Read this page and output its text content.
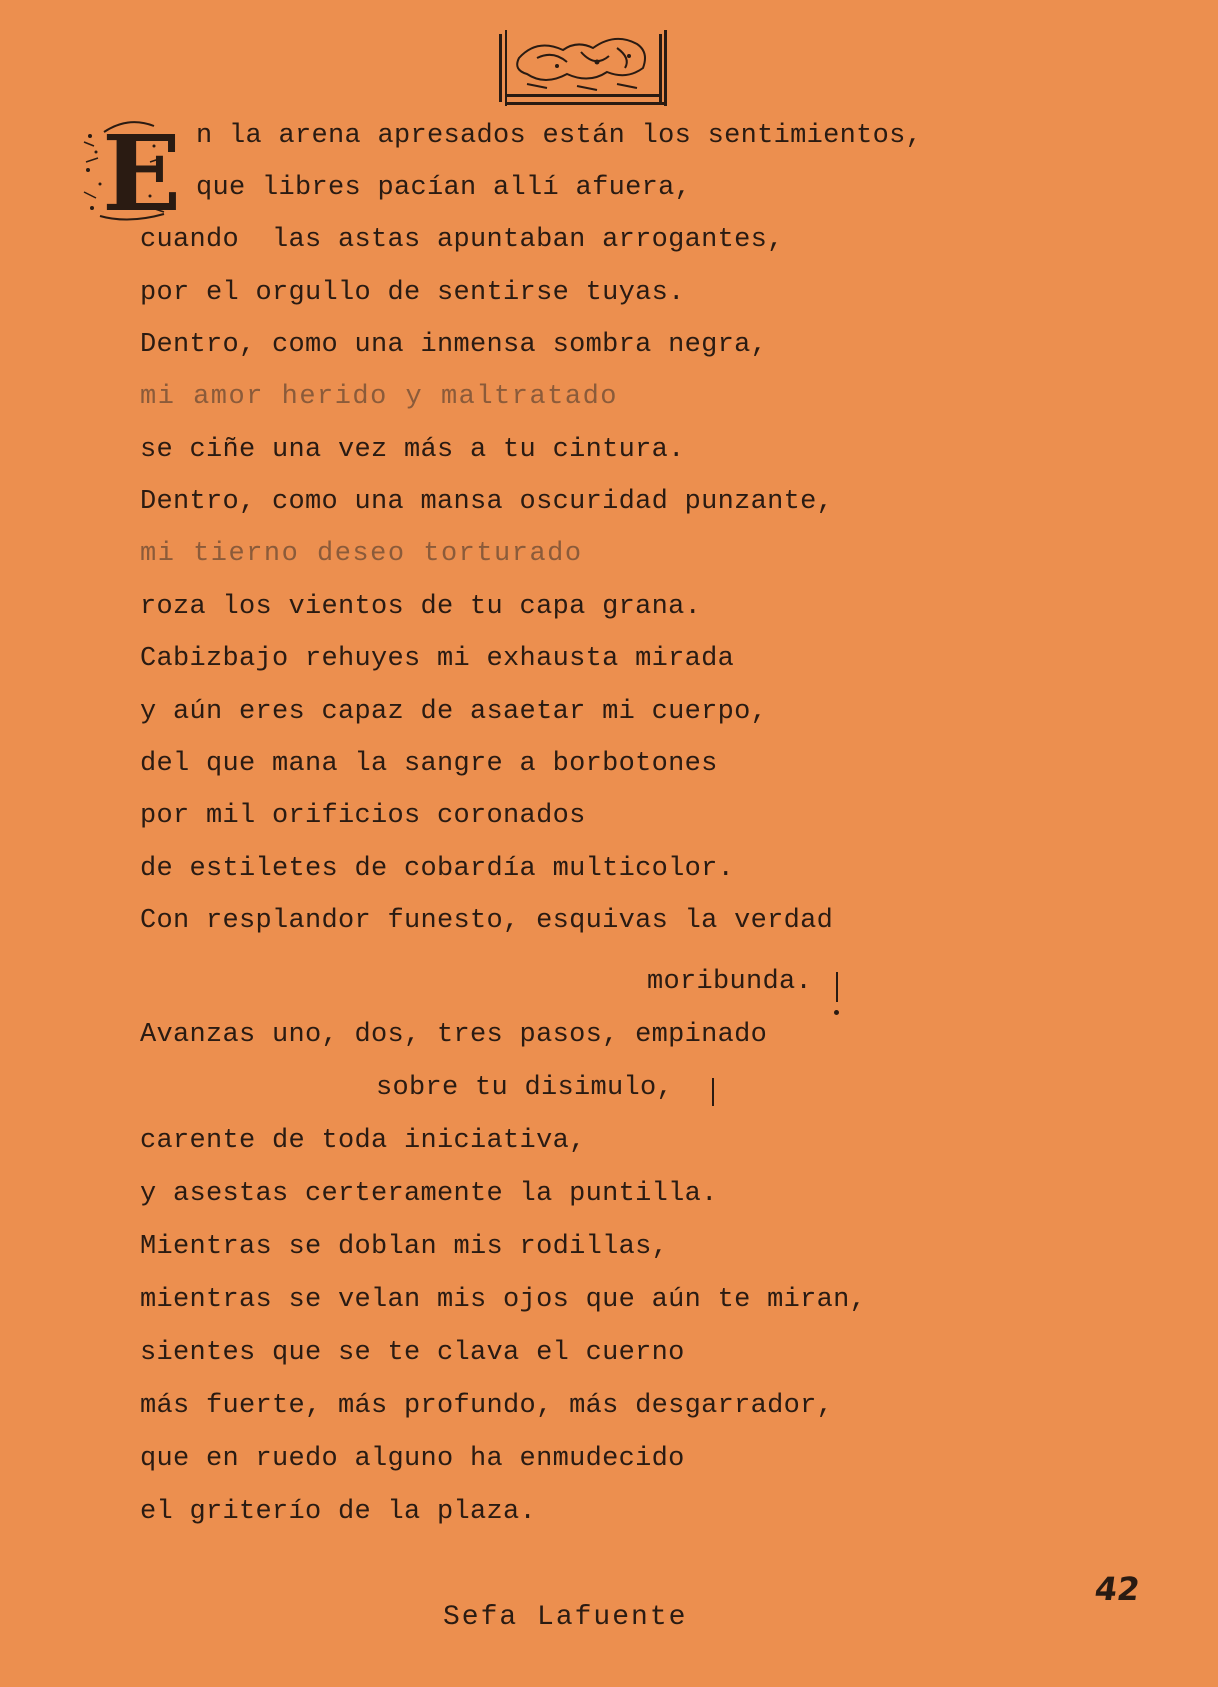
E n la arena apresados están los sentimientos,
que libres pacían allí afuera,
cuando  las astas apuntaban arrogantes,
por el orgullo de sentirse tuyas.
Dentro, como una inmensa sombra negra,
mi amor herido y maltratado
se ciñe una vez más a tu cintura.
Dentro, como una mansa oscuridad punzante,
mi tierno deseo torturado
roza los vientos de tu capa grana.
Cabizbajo rehuyes mi exhausta mirada
y aún eres capaz de asaetar mi cuerpo,
del que mana la sangre a borbotones
por mil orificios coronados
de estiletes de cobardía multicolor.
Con resplandor funesto, esquivas la verdad
moribunda.
Avanzas uno, dos, tres pasos, empinado
sobre tu disimulo,
carente de toda iniciativa,
y asestas certeramente la puntilla.
Mientras se doblan mis rodillas,
mientras se velan mis ojos que aún te miran,
sientes que se te clava el cuerno
más fuerte, más profundo, más desgarrador,
que en ruedo alguno ha enmudecido
el griterío de la plaza.
Sefa Lafuente
42
